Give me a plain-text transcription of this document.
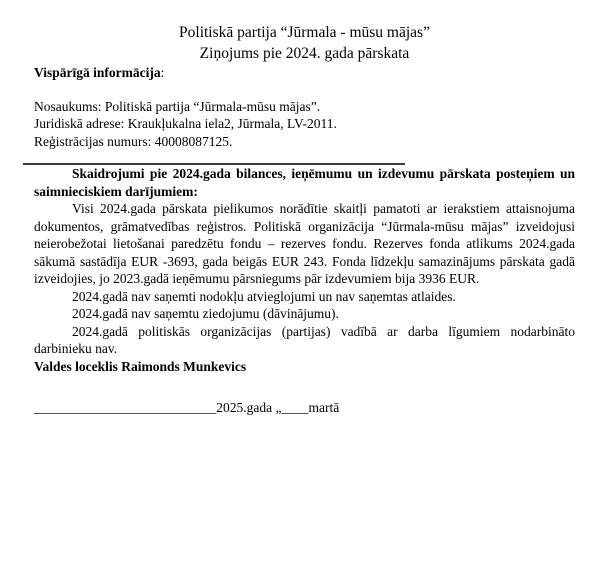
Politiskā partija “Jūrmala - mūsu mājas”
Ziņojums pie 2024. gada pārskata

Vispārīgā informācija:

Nosaukums: Politiskā partija “Jūrmala-mūsu mājas”.
Juridiskā adrese: Kraukļukalna iela2, Jūrmala, LV-2011.
Reģistrācijas numurs: 40008087125.

Skaidrojumi pie 2024.gada bilances, ieņēmumu un izdevumu pārskata posteņiem un saimnieciskiem darījumiem:

Visi 2024.gada pārskata pielikumos norādītie skaitļi pamatoti ar ierakstiem attaisnojuma dokumentos, grāmatvedības reģistros. Politiskā organizācija “Jūrmala-mūsu mājas” izveidojusi neierobežotai lietošanai paredzētu fondu – rezerves fondu. Rezerves fonda atlikums 2024.gada sākumā sastādīja EUR -3693, gada beigās EUR 243. Fonda līdzekļu samazinājums pārskata gadā izveidojies, jo 2023.gadā ieņēmumu pārsniegums pār izdevumiem bija 3936 EUR.

2024.gadā nav saņemti nodokļu atvieglojumi un nav saņemtas atlaides.

2024.gadā nav saņemtu ziedojumu (dāvinājumu).

2024.gadā politiskās organizācijas (partijas) vadībā ar darba līgumiem nodarbināto darbinieku nav.

Valdes loceklis Raimonds Munkevics

___________________________2025.gada „____martā
